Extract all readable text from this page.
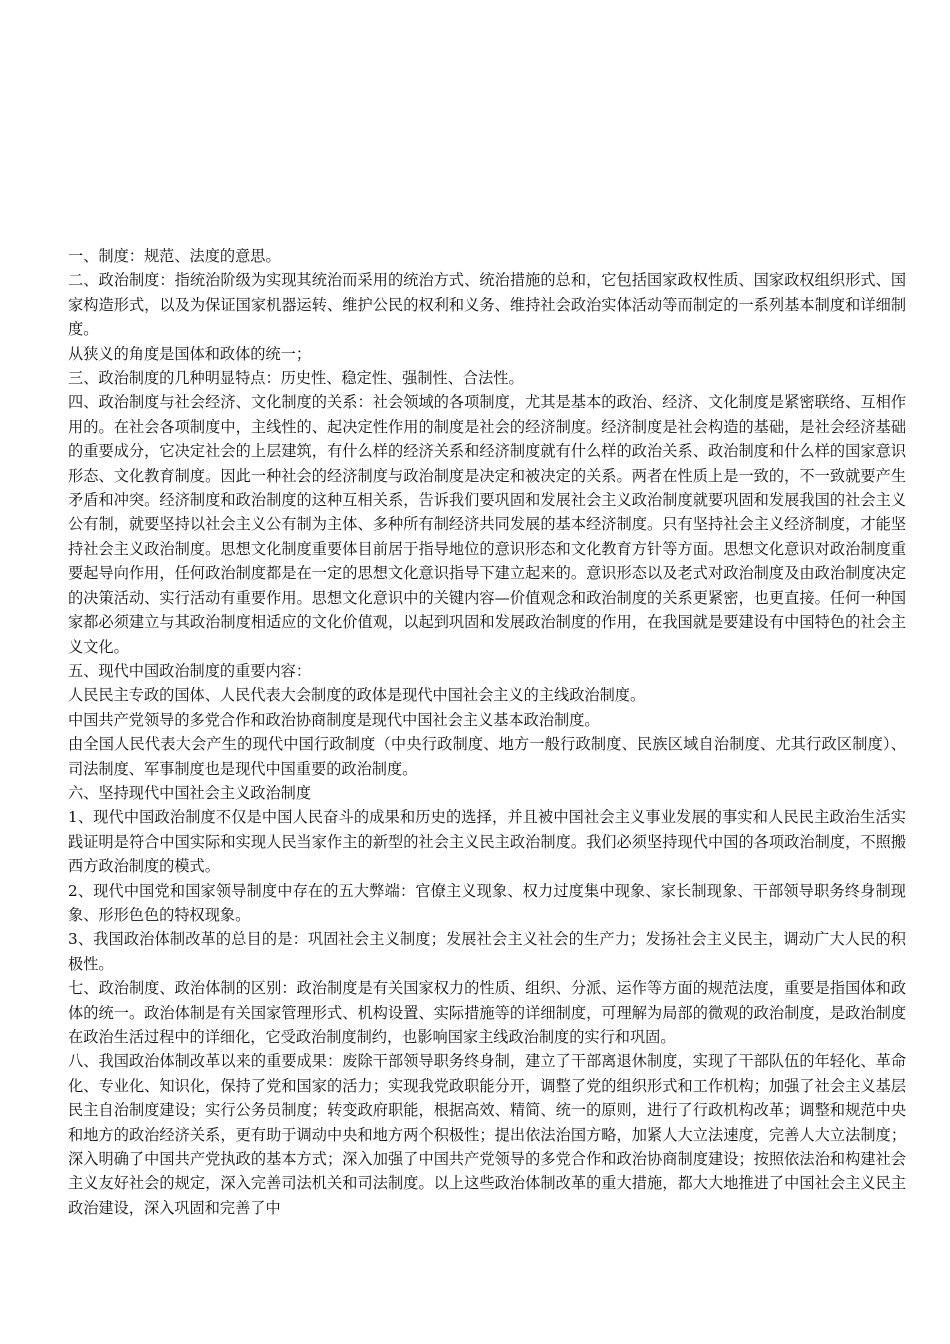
一、制度：规范、法度的意思。

二、政治制度：指统治阶级为实现其统治而采用的统治方式、统治措施的总和，它包括国家政权性质、国家政权组织形式、国家构造形式，以及为保证国家机器运转、维护公民的权利和义务、维持社会政治实体活动等而制定的一系列基本制度和详细制度。

从狭义的角度是国体和政体的统一；

三、政治制度的几种明显特点：历史性、稳定性、强制性、合法性。

四、政治制度与社会经济、文化制度的关系：社会领域的各项制度，尤其是基本的政治、经济、文化制度是紧密联络、互相作用的。在社会各项制度中，主线性的、起决定性作用的制度是社会的经济制度。经济制度是社会构造的基础，是社会经济基础的重要成分，它决定社会的上层建筑，有什么样的经济关系和经济制度就有什么样的政治关系、政治制度和什么样的国家意识形态、文化教育制度。因此一种社会的经济制度与政治制度是决定和被决定的关系。两者在性质上是一致的，不一致就要产生矛盾和冲突。经济制度和政治制度的这种互相关系，告诉我们要巩固和发展社会主义政治制度就要巩固和发展我国的社会主义公有制，就要坚持以社会主义公有制为主体、多种所有制经济共同发展的基本经济制度。只有坚持社会主义经济制度，才能坚持社会主义政治制度。思想文化制度重要体目前居于指导地位的意识形态和文化教育方针等方面。思想文化意识对政治制度重要起导向作用，任何政治制度都是在一定的思想文化意识指导下建立起来的。意识形态以及老式对政治制度及由政治制度决定的决策活动、实行活动有重要作用。思想文化意识中的关键内容—价值观念和政治制度的关系更紧密，也更直接。任何一种国家都必须建立与其政治制度相适应的文化价值观，以起到巩固和发展政治制度的作用，在我国就是要建设有中国特色的社会主义文化。

五、现代中国政治制度的重要内容：

人民民主专政的国体、人民代表大会制度的政体是现代中国社会主义的主线政治制度。

中国共产党领导的多党合作和政治协商制度是现代中国社会主义基本政治制度。

由全国人民代表大会产生的现代中国行政制度（中央行政制度、地方一般行政制度、民族区域自治制度、尤其行政区制度）、司法制度、军事制度也是现代中国重要的政治制度。

六、坚持现代中国社会主义政治制度

1、现代中国政治制度不仅是中国人民奋斗的成果和历史的选择，并且被中国社会主义事业发展的事实和人民民主政治生活实践证明是符合中国实际和实现人民当家作主的新型的社会主义民主政治制度。我们必须坚持现代中国的各项政治制度，不照搬西方政治制度的模式。

2、现代中国党和国家领导制度中存在的五大弊端：官僚主义现象、权力过度集中现象、家长制现象、干部领导职务终身制现象、形形色色的特权现象。

3、我国政治体制改革的总目的是：巩固社会主义制度；发展社会主义社会的生产力；发扬社会主义民主，调动广大人民的积极性。

七、政治制度、政治体制的区别：政治制度是有关国家权力的性质、组织、分派、运作等方面的规范法度，重要是指国体和政体的统一。政治体制是有关国家管理形式、机构设置、实际措施等的详细制度，可理解为局部的微观的政治制度，是政治制度在政治生活过程中的详细化，它受政治制度制约，也影响国家主线政治制度的实行和巩固。

八、我国政治体制改革以来的重要成果：废除干部领导职务终身制，建立了干部离退休制度，实现了干部队伍的年轻化、革命化、专业化、知识化，保持了党和国家的活力；实现我党政职能分开，调整了党的组织形式和工作机构；加强了社会主义基层民主自治制度建设；实行公务员制度；转变政府职能，根据高效、精简、统一的原则，进行了行政机构改革；调整和规范中央和地方的政治经济关系，更有助于调动中央和地方两个积极性；提出依法治国方略，加紧人大立法速度，完善人大立法制度；深入明确了中国共产党执政的基本方式；深入加强了中国共产党领导的多党合作和政治协商制度建设；按照依法治和构建社会主义友好社会的规定，深入完善司法机关和司法制度。以上这些政治体制改革的重大措施，都大大地推进了中国社会主义民主政治建设，深入巩固和完善了中
